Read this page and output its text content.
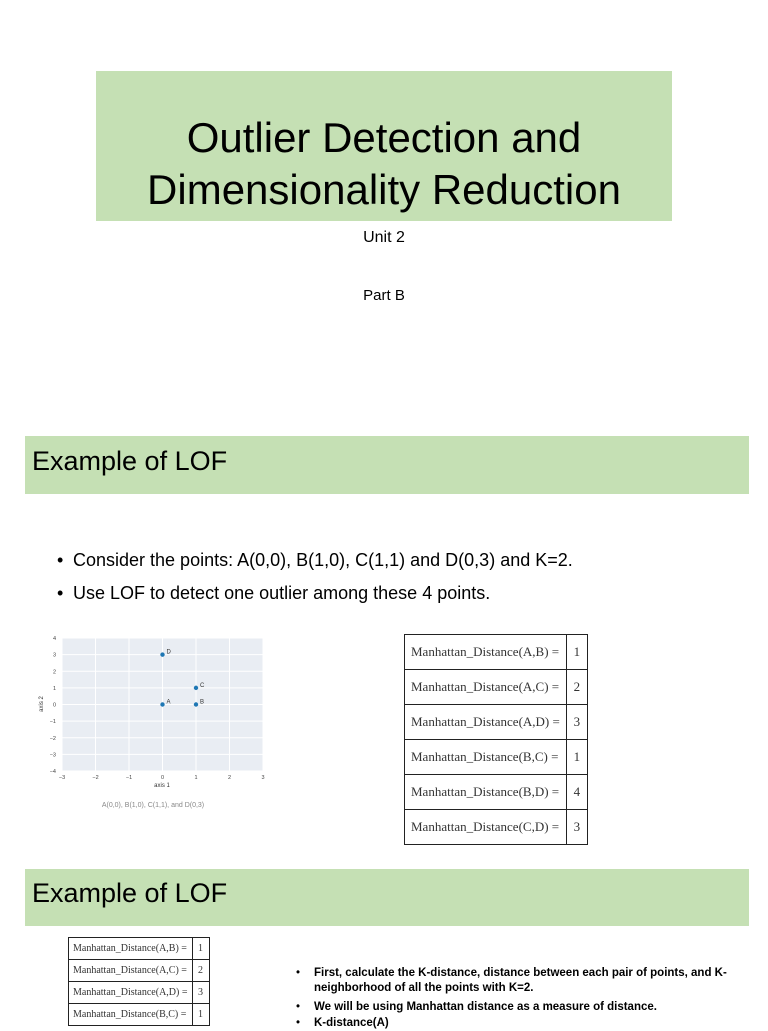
Outlier Detection and
Dimensionality Reduction
Unit 2
Part B
Example of LOF
• Consider the points: A(0,0), B(1,0), C(1,1) and D(0,3) and K=2.
• Use LOF to detect one outlier among these 4 points.
−3	−2	−1	0	1	2	3
−4
−3
−2
−1
0
1
2
3
4
A	B
C
D
axis 1
axis 2
A(0,0), B(1,0), C(1,1), and D(0,3)
Manhattan_Distance(A,B) =	1
Manhattan_Distance(A,C) =	2
Manhattan_Distance(A,D) =	3
Manhattan_Distance(B,C) =	1
Manhattan_Distance(B,D) =	4
Manhattan_Distance(C,D) =	3
Example of LOF
Manhattan_Distance(A,B) =	1
Manhattan_Distance(A,C) =	2
Manhattan_Distance(A,D) =	3
Manhattan_Distance(B,C) =	1
•	First, calculate the K-distance, distance between each pair of points, and K-neighborhood of all the points with K=2.
•	We will be using Manhattan distance as a measure of distance.
•	K-distance(A)
